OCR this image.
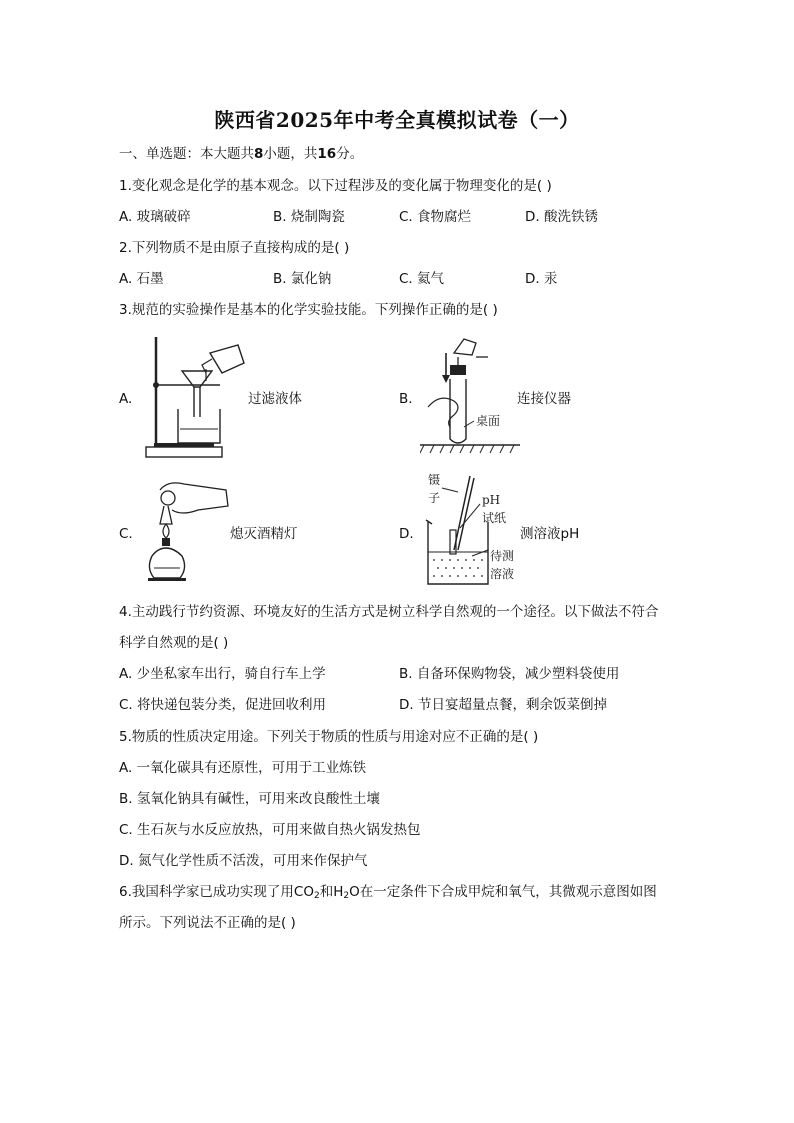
陕西省2025年中考全真模拟试卷（一）
一、单选题：本大题共8小题，共16分。
1.变化观念是化学的基本观念。以下过程涉及的变化属于物理变化的是( )
A. 玻璃破碎	B. 烧制陶瓷	C. 食物腐烂	D. 酸洗铁锈
2.下列物质不是由原子直接构成的是( )
A. 石墨	B. 氯化钠	C. 氦气	D. 汞
3.规范的实验操作是基本的化学实验技能。下列操作正确的是( )
A.	过滤液体	B.
桌面
连接仪器
C.	熄灭酒精灯	D.
镊
子	pH
试纸
待测
溶液
测溶液pH
4.主动践行节约资源、环境友好的生活方式是树立科学自然观的一个途径。以下做法不符合
科学自然观的是( )
A. 少坐私家车出行，骑自行车上学	B. 自备环保购物袋，减少塑料袋使用
C. 将快递包装分类，促进回收利用	D. 节日宴超量点餐，剩余饭菜倒掉
5.物质的性质决定用途。下列关于物质的性质与用途对应不正确的是( )
A. 一氧化碳具有还原性，可用于工业炼铁
B. 氢氧化钠具有碱性，可用来改良酸性土壤
C. 生石灰与水反应放热，可用来做自热火锅发热包
D. 氮气化学性质不活泼，可用来作保护气
6.我国科学家已成功实现了用$CO_2$和$H_2O$在一定条件下合成甲烷和氧气，其微观示意图如图
所示。下列说法不正确的是( )
